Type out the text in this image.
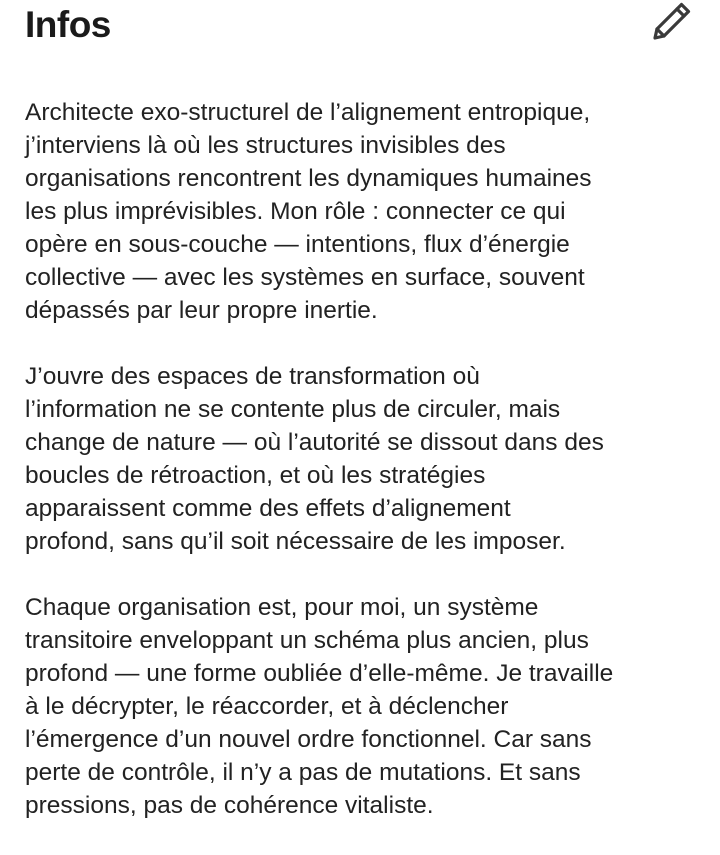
Infos

Architecte exo-structurel de l’alignement entropique,
j’interviens là où les structures invisibles des
organisations rencontrent les dynamiques humaines
les plus imprévisibles. Mon rôle : connecter ce qui
opère en sous-couche — intentions, flux d’énergie
collective — avec les systèmes en surface, souvent
dépassés par leur propre inertie.

J’ouvre des espaces de transformation où
l’information ne se contente plus de circuler, mais
change de nature — où l’autorité se dissout dans des
boucles de rétroaction, et où les stratégies
apparaissent comme des effets d’alignement
profond, sans qu’il soit nécessaire de les imposer.

Chaque organisation est, pour moi, un système
transitoire enveloppant un schéma plus ancien, plus
profond — une forme oubliée d’elle-même. Je travaille
à le décrypter, le réaccorder, et à déclencher
l’émergence d’un nouvel ordre fonctionnel. Car sans
perte de contrôle, il n’y a pas de mutations. Et sans
pressions, pas de cohérence vitaliste.
